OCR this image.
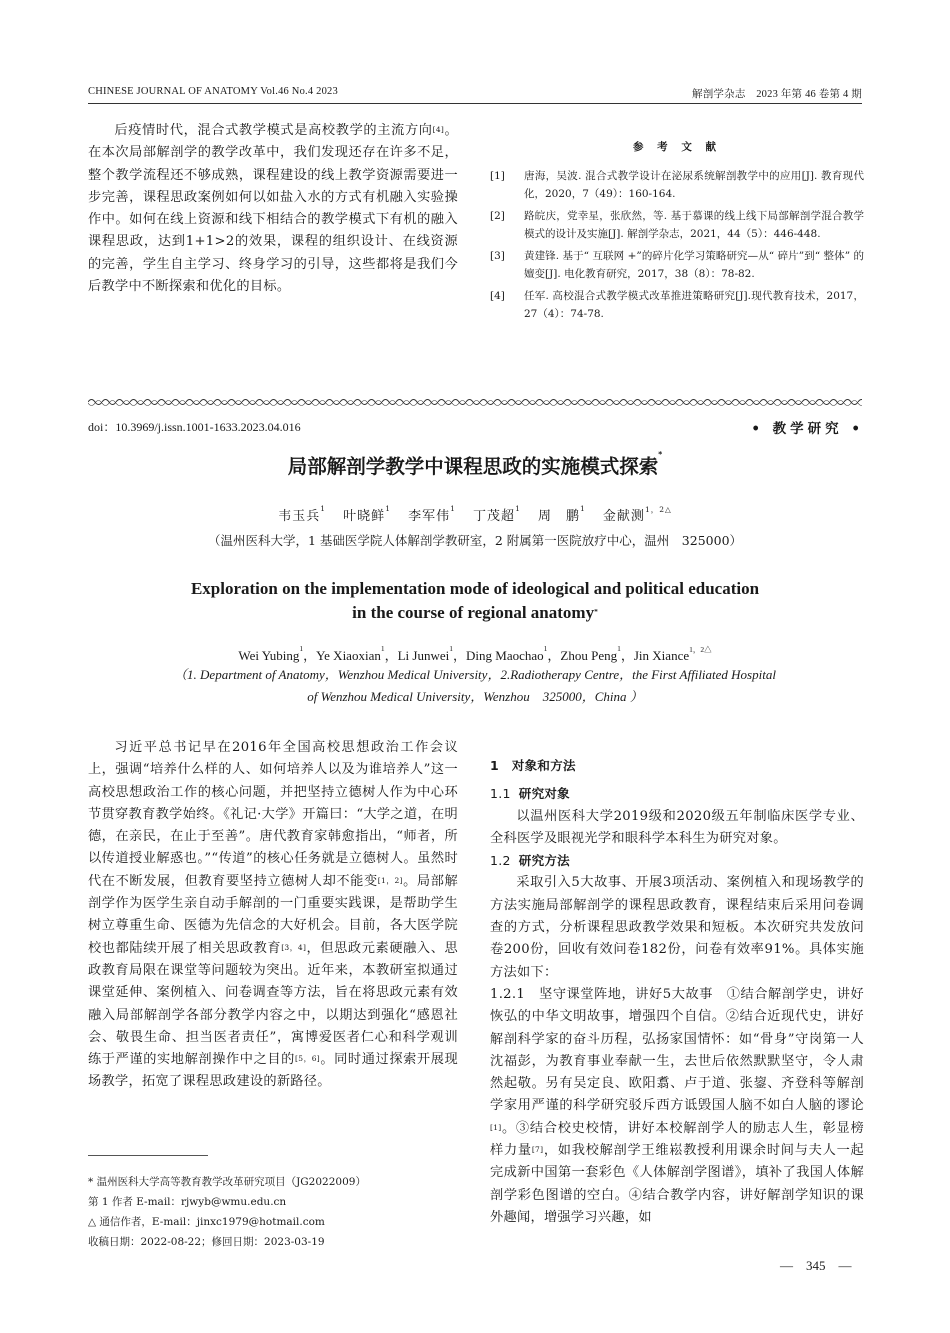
CHINESE JOURNAL OF ANATOMY Vol.46 No.4 2023	解剖学杂志　2023 年第 46 卷第 4 期

后疫情时代，混合式教学模式是高校教学的主流方向[4]。在本次局部解剖学的教学改革中，我们发现还存在许多不足，整个教学流程还不够成熟，课程建设的线上教学资源需要进一步完善，课程思政案例如何以如盐入水的方式有机融入实验操作中。如何在线上资源和线下相结合的教学模式下有机的融入课程思政，达到1+1>2的效果，课程的组织设计、在线资源的完善，学生自主学习、终身学习的引导，这些都将是我们今后教学中不断探索和优化的目标。

参 考 文 献
[1]	唐海，吴波. 混合式教学设计在泌尿系统解剖教学中的应用[J]. 教育现代化，2020，7（49）：160-164.
[2]	路皖庆，党幸星，张欣然，等. 基于慕课的线上线下局部解剖学混合教学模式的设计及实施[J]. 解剖学杂志，2021，44（5）：446-448.
[3]	黄建锋. 基于“ 互联网 +”的碎片化学习策略研究—从“ 碎片”到“ 整体” 的嬗变[J]. 电化教育研究，2017，38（8）：78-82.
[4]	任军. 高校混合式教学模式改革推进策略研究[J].现代教育技术，2017，27（4）：74-78.
doi：10.3969/j.issn.1001-1633.2023.04.016	• 教学研究 •
局部解剖学教学中课程思政的实施模式探索*
韦玉兵$^1$ 叶晓鲜$^1$ 李军伟$^1$ 丁茂超$^1$ 周　鹏$^1$ 金献测$^{1,2\triangle}$
（温州医科大学，1 基础医学院人体解剖学教研室，2 附属第一医院放疗中心，温州　325000）
Exploration on the implementation mode of ideological and political education
in the course of regional anatomy*
Wei Yubing$^1$，Ye Xiaoxian$^1$，Li Junwei$^1$，Ding Maochao$^1$，Zhou Peng$^1$，Jin Xiance$^{1,2\triangle}$
（1. Department of Anatomy，Wenzhou Medical University，2.Radiotherapy Centre，the First Affiliated Hospital
of Wenzhou Medical University，Wenzhou　325000，China ）

习近平总书记早在2016年全国高校思想政治工作会议上，强调“培养什么样的人、如何培养人以及为谁培养人”这一高校思想政治工作的核心问题，并把坚持立德树人作为中心环节贯穿教育教学始终。《礼记·大学》开篇曰：“大学之道，在明德，在亲民，在止于至善”。唐代教育家韩愈指出，“师者，所以传道授业解惑也。”“传道”的核心任务就是立德树人。虽然时代在不断发展，但教育要坚持立德树人却不能变[1，2]。局部解剖学作为医学生亲自动手解剖的一门重要实践课，是帮助学生树立尊重生命、医德为先信念的大好机会。目前，各大医学院校也都陆续开展了相关思政教育[3，4]，但思政元素硬融入、思政教育局限在课堂等问题较为突出。近年来，本教研室拟通过课堂延伸、案例植入、问卷调查等方法，旨在将思政元素有效融入局部解剖学各部分教学内容之中，以期达到强化“感恩社会、敬畏生命、担当医者责任”，寓博爱医者仁心和科学观训练于严谨的实地解剖操作中之目的[5，6]。同时通过探索开展现场教学，拓宽了课程思政建设的新路径。

* 温州医科大学高等教育教学改革研究项目（JG2022009）
第 1 作者 E-mail：rjwyb@wmu.edu.cn
△ 通信作者，E-mail：jinxc1979@hotmail.com
收稿日期：2022-08-22；修回日期：2023-03-19
1　 对象和方法
1.1 研究对象

以温州医科大学2019级和2020级五年制临床医学专业、全科医学及眼视光学和眼科学本科生为研究对象。

1.2 研究方法

采取引入5大故事、开展3项活动、案例植入和现场教学的方法实施局部解剖学的课程思政教育，课程结束后采用问卷调查的方式，分析课程思政教学效果和短板。本次研究共发放问卷200份，回收有效问卷182份，问卷有效率91%。具体实施方法如下：

1.2.1　坚守课堂阵地，讲好5大故事　①结合解剖学史，讲好恢弘的中华文明故事，增强四个自信。②结合近现代史，讲好解剖科学家的奋斗历程，弘扬家国情怀：如“骨身”守岗第一人沈福彭，为教育事业奉献一生，去世后依然默默坚守，令人肃然起敬。另有吴定良、欧阳翥、卢于道、张鋆、齐登科等解剖学家用严谨的科学研究驳斥西方诋毁国人脑不如白人脑的谬论[1]。③结合校史校情，讲好本校解剖学人的励志人生，彰显榜样力量[7]，如我校解剖学王维崧教授利用课余时间与夫人一起完成新中国第一套彩色《人体解剖学图谱》，填补了我国人体解剖学彩色图谱的空白。④结合教学内容，讲好解剖学知识的课外趣闻，增强学习兴趣，如

—　345　—
